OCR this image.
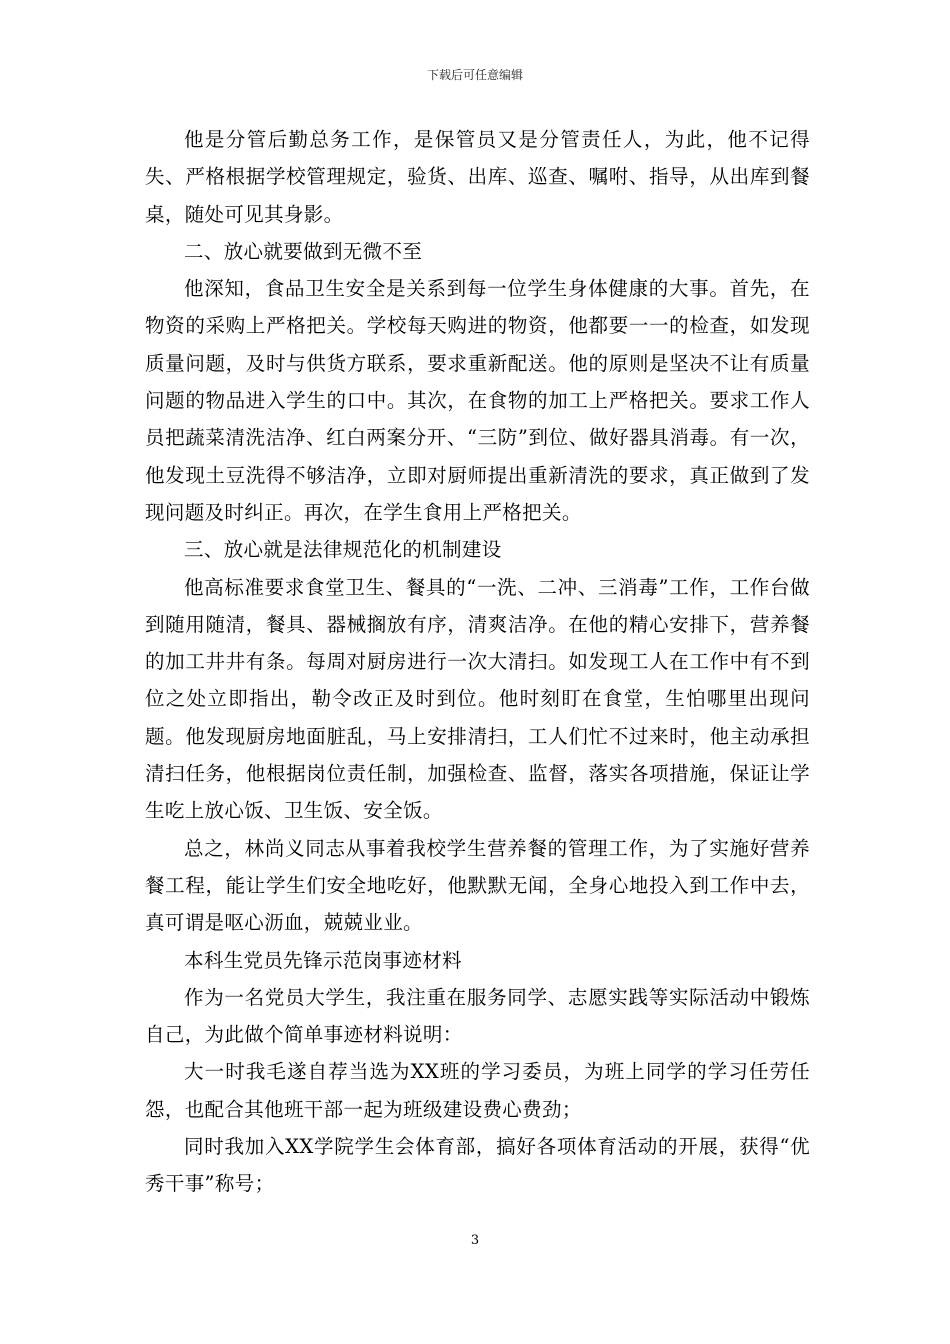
下载后可任意编辑

他是分管后勤总务工作，是保管员又是分管责任人，为此，他不记得失、严格根据学校管理规定，验货、出库、巡查、嘱咐、指导，从出库到餐桌，随处可见其身影。

二、放心就要做到无微不至

他深知，食品卫生安全是关系到每一位学生身体健康的大事。首先，在物资的采购上严格把关。学校每天购进的物资，他都要一一的检查，如发现质量问题，及时与供货方联系，要求重新配送。他的原则是坚决不让有质量问题的物品进入学生的口中。其次，在食物的加工上严格把关。要求工作人员把蔬菜清洗洁净、红白两案分开、“三防”到位、做好器具消毒。有一次，他发现土豆洗得不够洁净，立即对厨师提出重新清洗的要求，真正做到了发现问题及时纠正。再次，在学生食用上严格把关。

三、放心就是法律规范化的机制建设

他高标准要求食堂卫生、餐具的“一洗、二冲、三消毒”工作，工作台做到随用随清，餐具、器械搁放有序，清爽洁净。在他的精心安排下，营养餐的加工井井有条。每周对厨房进行一次大清扫。如发现工人在工作中有不到位之处立即指出，勒令改正及时到位。他时刻盯在食堂，生怕哪里出现问题。他发现厨房地面脏乱，马上安排清扫，工人们忙不过来时，他主动承担清扫任务，他根据岗位责任制，加强检查、监督，落实各项措施，保证让学生吃上放心饭、卫生饭、安全饭。

总之，林尚义同志从事着我校学生营养餐的管理工作，为了实施好营养餐工程，能让学生们安全地吃好，他默默无闻，全身心地投入到工作中去，真可谓是呕心沥血，兢兢业业。

本科生党员先锋示范岗事迹材料

作为一名党员大学生，我注重在服务同学、志愿实践等实际活动中锻炼自己，为此做个简单事迹材料说明：

大一时我毛遂自荐当选为XX班的学习委员，为班上同学的学习任劳任怨，也配合其他班干部一起为班级建设费心费劲；

同时我加入XX学院学生会体育部，搞好各项体育活动的开展，获得“优秀干事”称号；

3
